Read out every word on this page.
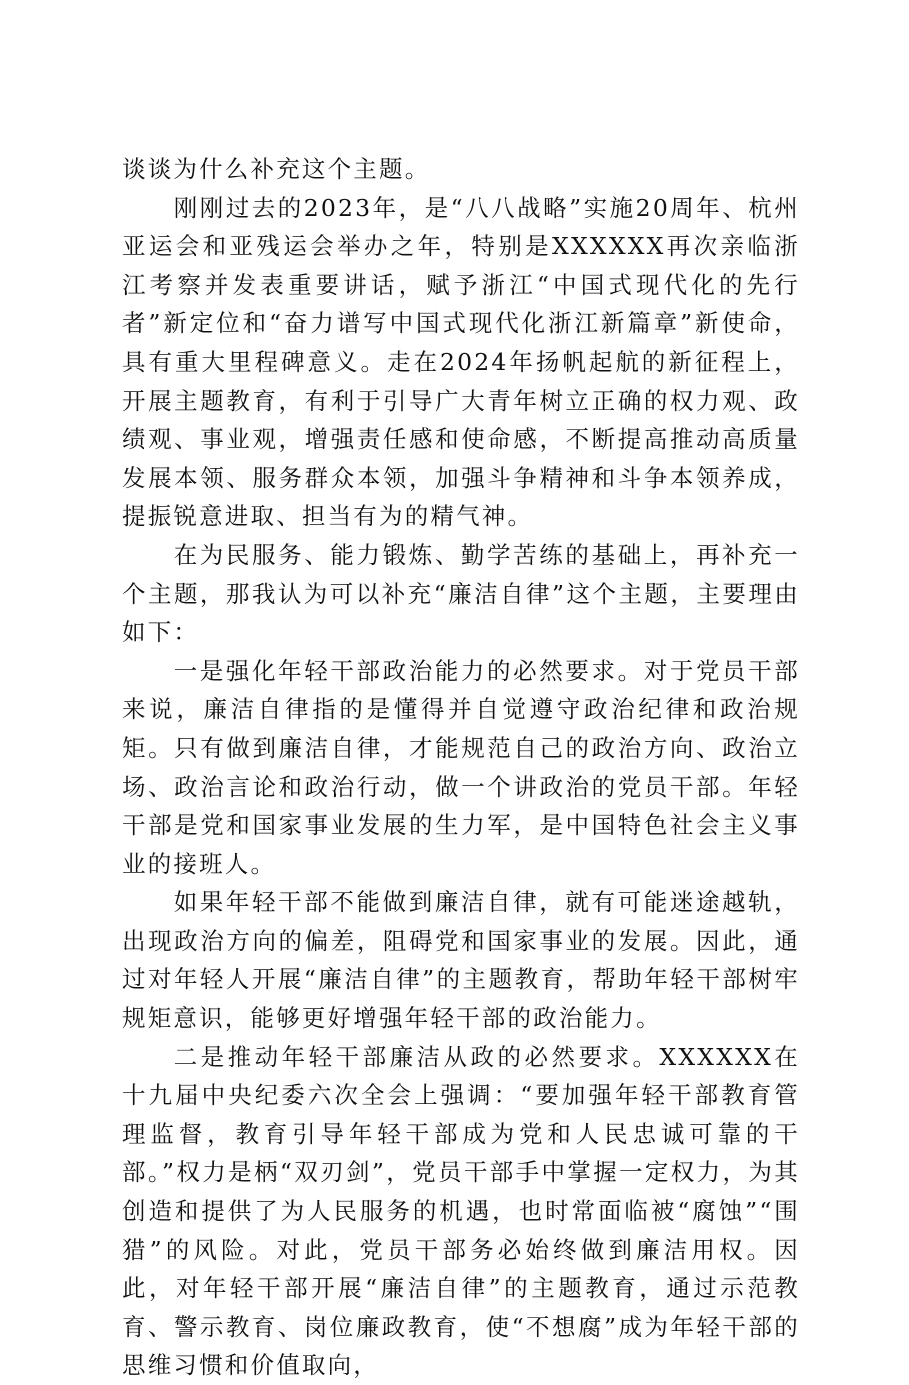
谈谈为什么补充这个主题。

刚刚过去的2023年，是“八八战略”实施20周年、杭州亚运会和亚残运会举办之年，特别是XXXXXX再次亲临浙江考察并发表重要讲话，赋予浙江“中国式现代化的先行者”新定位和“奋力谱写中国式现代化浙江新篇章”新使命，具有重大里程碑意义。走在2024年扬帆起航的新征程上，开展主题教育，有利于引导广大青年树立正确的权力观、政绩观、事业观，增强责任感和使命感，不断提高推动高质量发展本领、服务群众本领，加强斗争精神和斗争本领养成，提振锐意进取、担当有为的精气神。

在为民服务、能力锻炼、勤学苦练的基础上，再补充一个主题，那我认为可以补充“廉洁自律”这个主题，主要理由如下：

一是强化年轻干部政治能力的必然要求。对于党员干部来说，廉洁自律指的是懂得并自觉遵守政治纪律和政治规矩。只有做到廉洁自律，才能规范自己的政治方向、政治立场、政治言论和政治行动，做一个讲政治的党员干部。年轻干部是党和国家事业发展的生力军，是中国特色社会主义事业的接班人。

如果年轻干部不能做到廉洁自律，就有可能迷途越轨，出现政治方向的偏差，阻碍党和国家事业的发展。因此，通过对年轻人开展“廉洁自律”的主题教育，帮助年轻干部树牢规矩意识，能够更好增强年轻干部的政治能力。

二是推动年轻干部廉洁从政的必然要求。XXXXXX在十九届中央纪委六次全会上强调：“要加强年轻干部教育管理监督，教育引导年轻干部成为党和人民忠诚可靠的干部。”权力是柄“双刃剑”，党员干部手中掌握一定权力，为其创造和提供了为人民服务的机遇，也时常面临被“腐蚀”“围猎”的风险。对此，党员干部务必始终做到廉洁用权。因此，对年轻干部开展“廉洁自律”的主题教育，通过示范教育、警示教育、岗位廉政教育，使“不想腐”成为年轻干部的思维习惯和价值取向，
